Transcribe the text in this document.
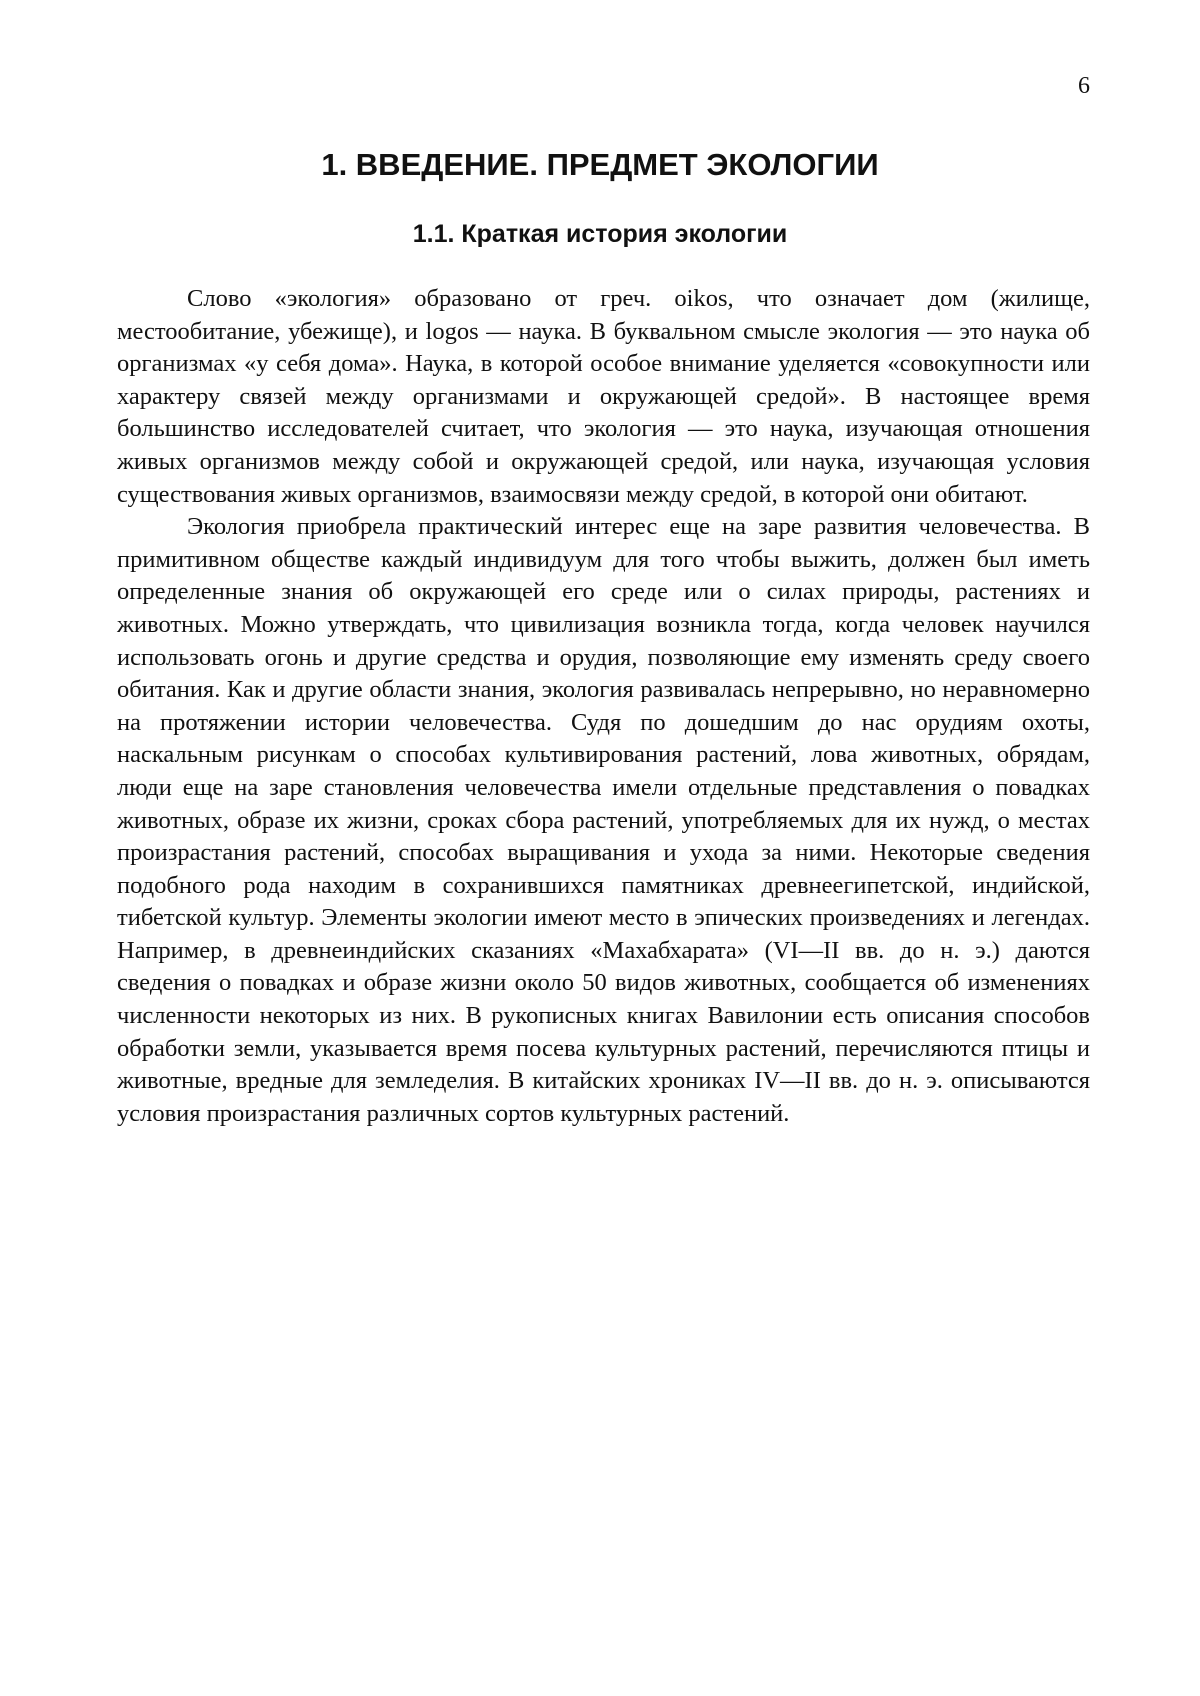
6
1. ВВЕДЕНИЕ. ПРЕДМЕТ ЭКОЛОГИИ
1.1. Краткая история экологии

Слово «экология» образовано от греч. oikos, что означает дом (жилище, местообитание, убежище), и logos — наука. В буквальном смысле экология — это наука об организмах «у себя дома». Наука, в которой особое внимание уделяется «совокупности или характеру связей между организмами и окружающей средой». В настоящее время большинство исследователей считает, что экология — это наука, изучающая отношения живых организмов между собой и окружающей средой, или наука, изучающая условия существования живых организмов, взаимосвязи между средой, в которой они обитают.

Экология приобрела практический интерес еще на заре развития человечества. В примитивном обществе каждый индивидуум для того чтобы выжить, должен был иметь определенные знания об окружающей его среде или о силах природы, растениях и животных. Можно утверждать, что цивилизация возникла тогда, когда человек научился использовать огонь и другие средства и орудия, позволяющие ему изменять среду своего обитания. Как и другие области знания, экология развивалась непрерывно, но неравномерно на протяжении истории человечества. Судя по дошедшим до нас орудиям охоты, наскальным рисункам о способах культивирования растений, лова животных, обрядам, люди еще на заре становления человечества имели отдельные представления о повадках животных, образе их жизни, сроках сбора растений, употребляемых для их нужд, о местах произрастания растений, способах выращивания и ухода за ними. Некоторые сведения подобного рода находим в сохранившихся памятниках древнеегипетской, индийской, тибетской культур. Элементы экологии имеют место в эпических произведениях и легендах. Например, в древнеиндийских сказаниях «Махабхарата» (VI—II вв. до н. э.) даются сведения о повадках и образе жизни около 50 видов животных, сообщается об изменениях численности некоторых из них. В рукописных книгах Вавилонии есть описания способов обработки земли, указывается время посева культурных растений, перечисляются птицы и животные, вредные для земледелия. В китайских хрониках IV—II вв. до н. э. описываются условия произрастания различных сортов культурных растений.
